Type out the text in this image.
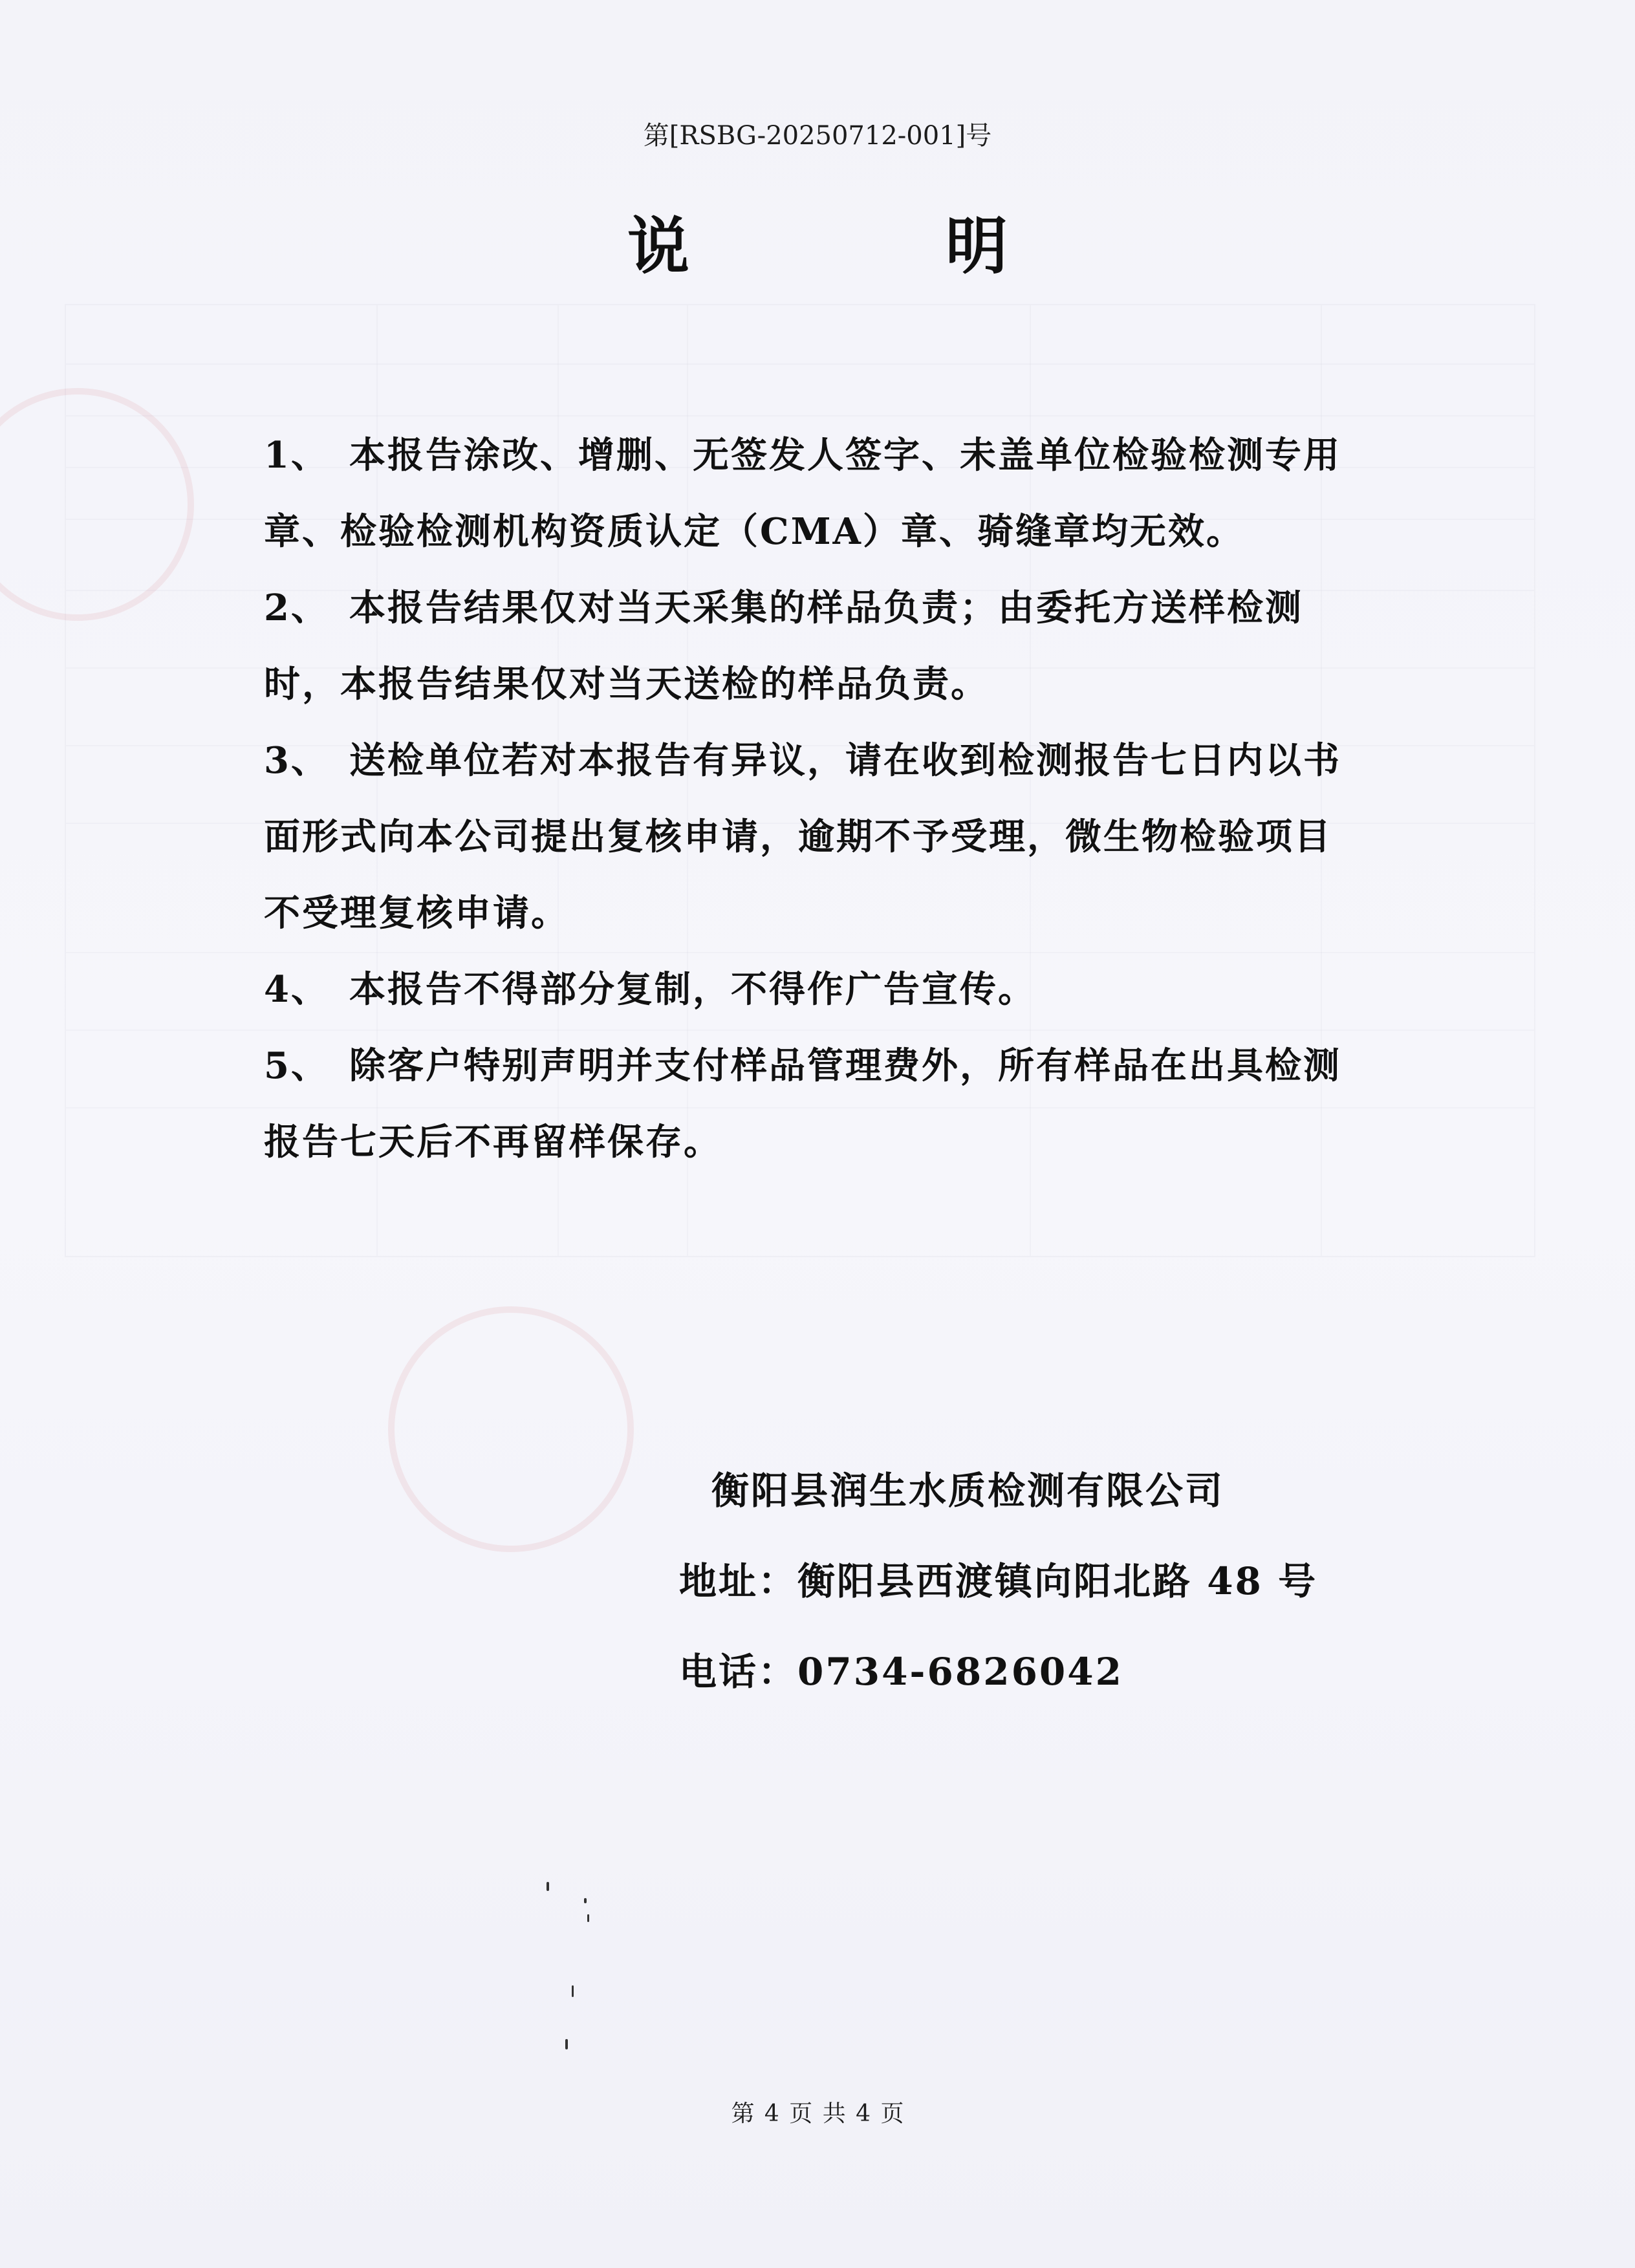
第[RSBG-20250712-001]号
说　明
1、　本报告涂改、增删、无签发人签字、未盖单位检验检测专用章、检验检测机构资质认定（CMA）章、骑缝章均无效。
2、　本报告结果仅对当天采集的样品负责；由委托方送样检测时，本报告结果仅对当天送检的样品负责。
3、　送检单位若对本报告有异议，请在收到检测报告七日内以书面形式向本公司提出复核申请，逾期不予受理，微生物检验项目不受理复核申请。
4、　本报告不得部分复制，不得作广告宣传。
5、　除客户特别声明并支付样品管理费外，所有样品在出具检测报告七天后不再留样保存。
衡阳县润生水质检测有限公司
地址：衡阳县西渡镇向阳北路 48 号
电话：0734-6826042
第 4 页 共 4 页
